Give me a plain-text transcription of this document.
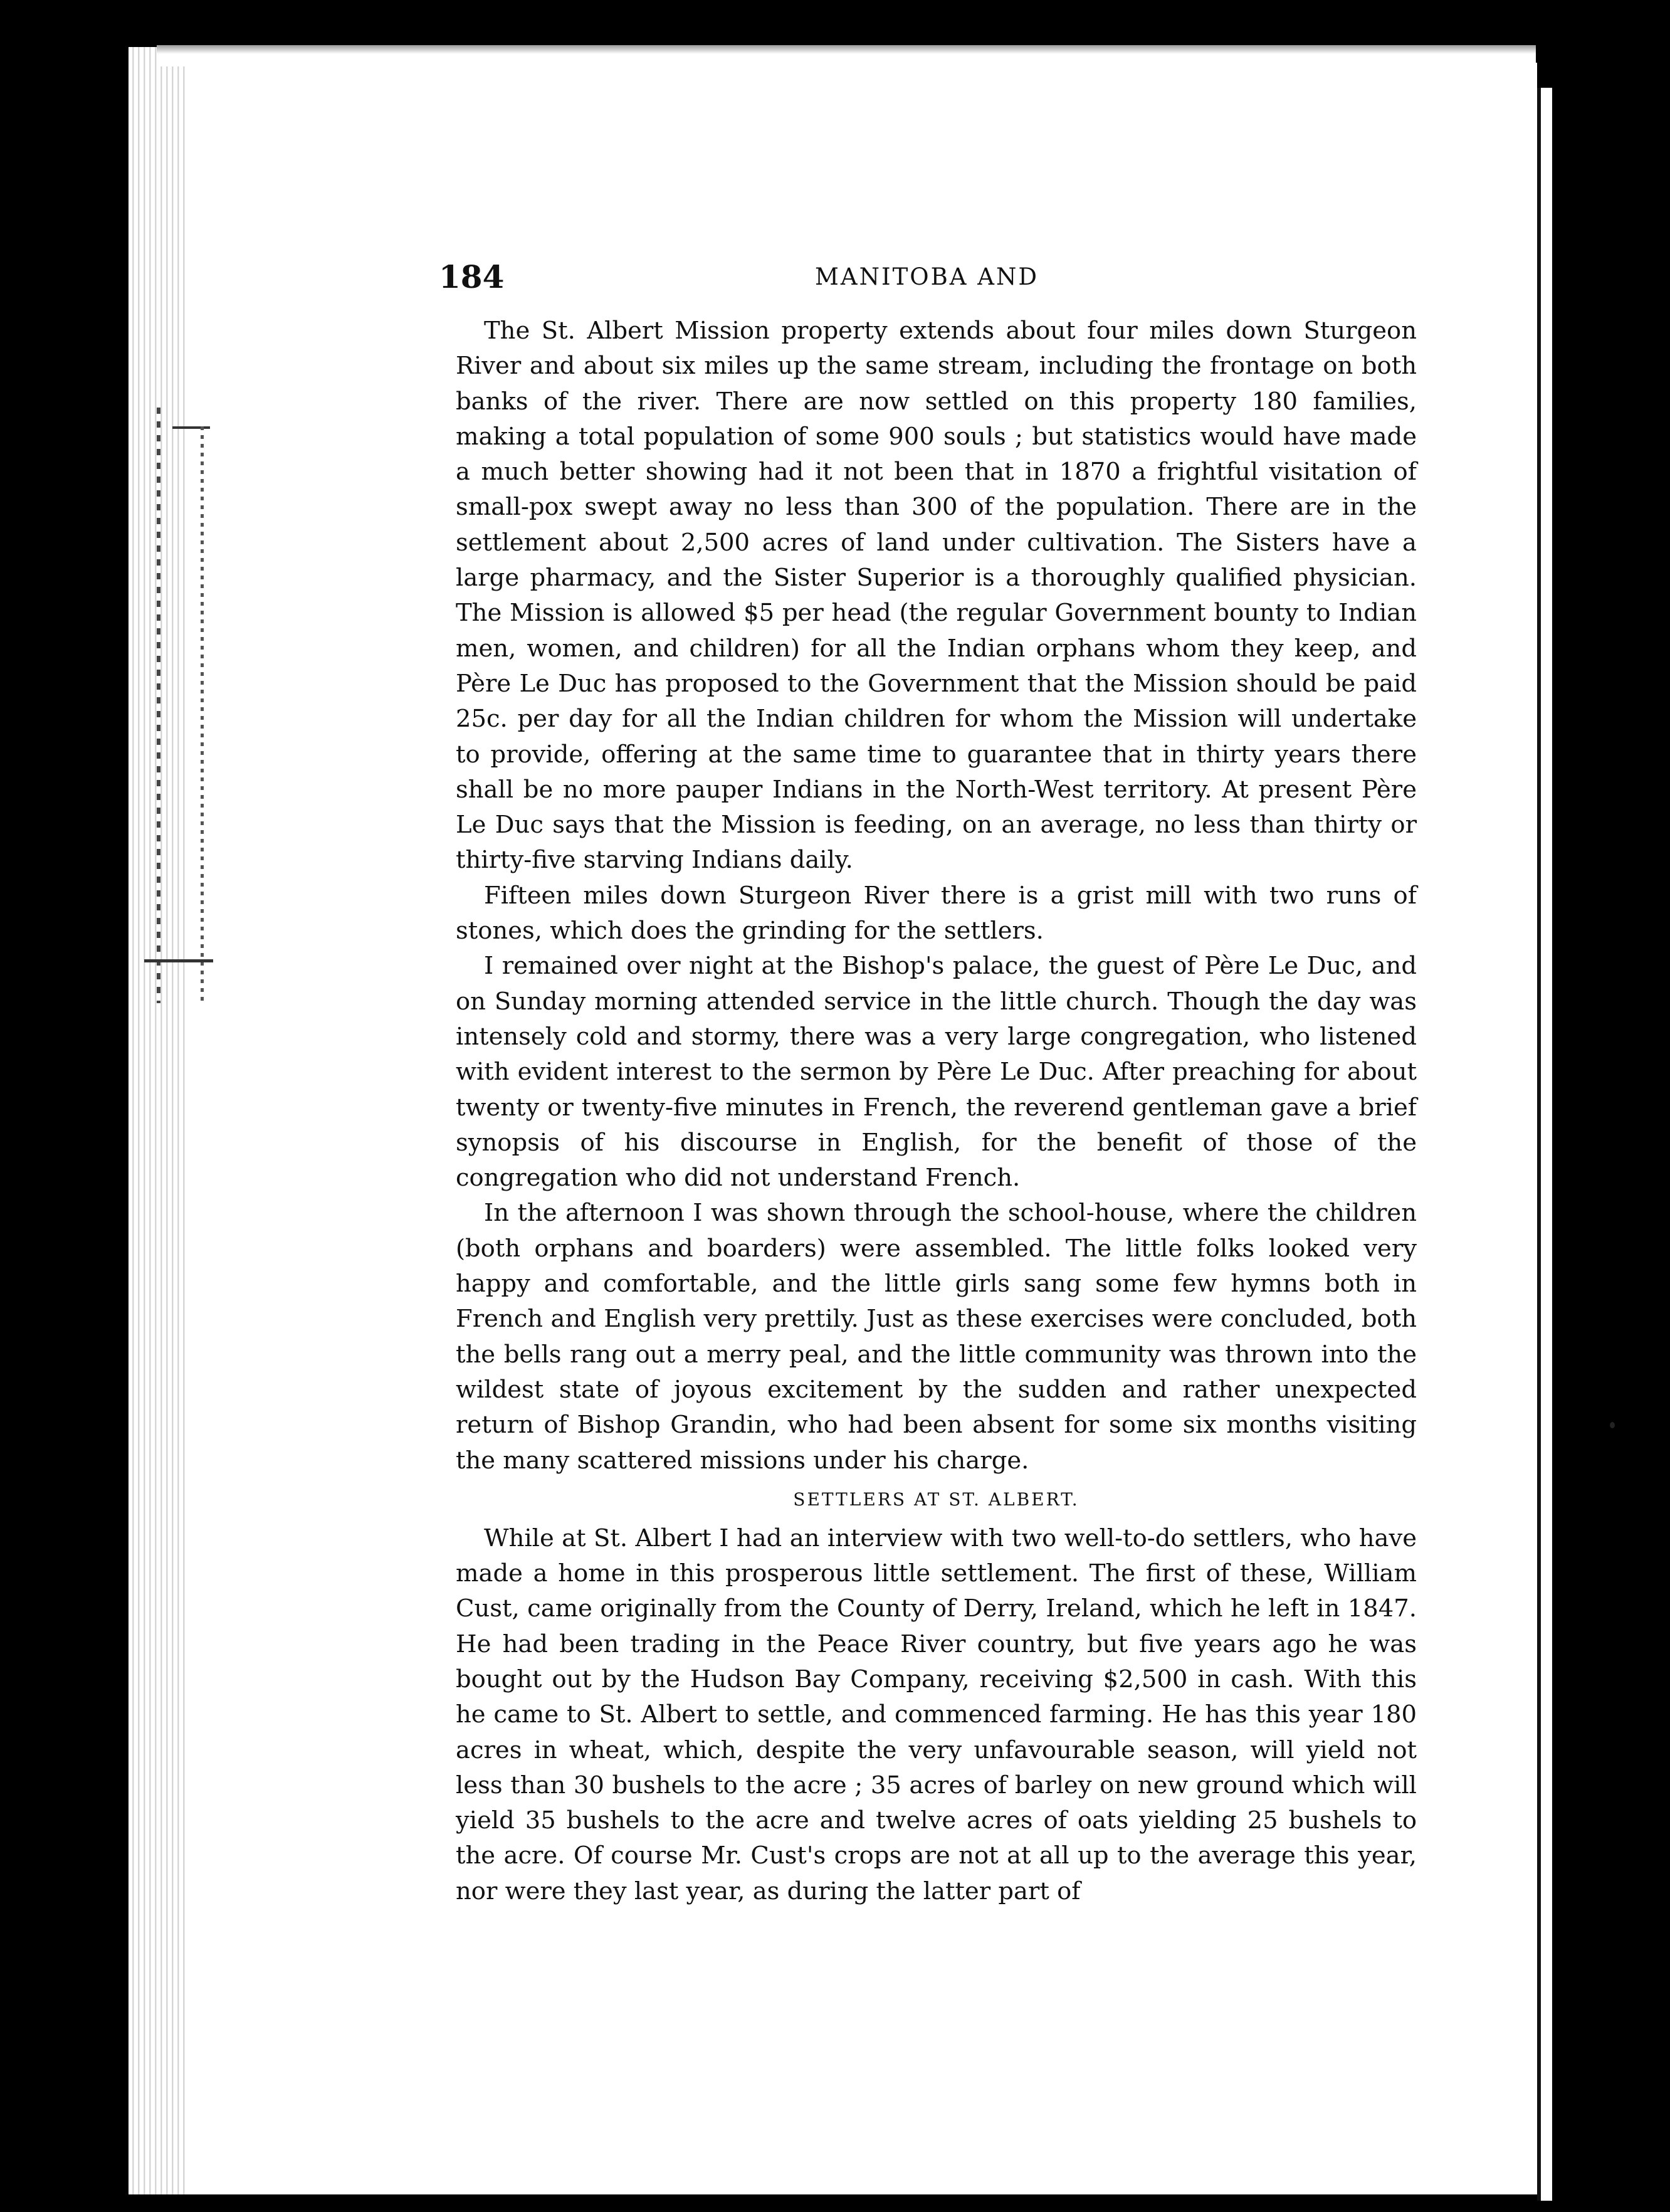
184	MANITOBA AND

The St. Albert Mission property extends about four miles down Sturgeon River and about six miles up the same stream, including the frontage on both banks of the river. There are now settled on this property 180 families, making a total population of some 900 souls ; but statistics would have made a much better showing had it not been that in 1870 a frightful visitation of small-pox swept away no less than 300 of the population. There are in the settlement about 2,500 acres of land under cultivation. The Sisters have a large pharmacy, and the Sister Superior is a thoroughly qualified physician. The Mission is allowed $5 per head (the regular Government bounty to Indian men, women, and children) for all the Indian orphans whom they keep, and Père Le Duc has proposed to the Government that the Mission should be paid 25c. per day for all the Indian children for whom the Mission will undertake to provide, offering at the same time to guarantee that in thirty years there shall be no more pauper Indians in the North-West territory. At present Père Le Duc says that the Mission is feeding, on an average, no less than thirty or thirty-five starving Indians daily.

Fifteen miles down Sturgeon River there is a grist mill with two runs of stones, which does the grinding for the settlers.

I remained over night at the Bishop's palace, the guest of Père Le Duc, and on Sunday morning attended service in the little church. Though the day was intensely cold and stormy, there was a very large congregation, who listened with evident interest to the sermon by Père Le Duc. After preaching for about twenty or twenty-five minutes in French, the reverend gentleman gave a brief synopsis of his discourse in English, for the benefit of those of the congregation who did not understand French.

In the afternoon I was shown through the school-house, where the children (both orphans and boarders) were assembled. The little folks looked very happy and comfortable, and the little girls sang some few hymns both in French and English very prettily. Just as these exercises were concluded, both the bells rang out a merry peal, and the little community was thrown into the wildest state of joyous excitement by the sudden and rather unexpected return of Bishop Grandin, who had been absent for some six months visiting the many scattered missions under his charge.

SETTLERS AT ST. ALBERT.

While at St. Albert I had an interview with two well-to-do settlers, who have made a home in this prosperous little settlement. The first of these, William Cust, came originally from the County of Derry, Ireland, which he left in 1847. He had been trading in the Peace River country, but five years ago he was bought out by the Hudson Bay Company, receiving $2,500 in cash. With this he came to St. Albert to settle, and commenced farming. He has this year 180 acres in wheat, which, despite the very unfavourable season, will yield not less than 30 bushels to the acre ; 35 acres of barley on new ground which will yield 35 bushels to the acre and twelve acres of oats yielding 25 bushels to the acre. Of course Mr. Cust's crops are not at all up to the average this year, nor were they last year, as during the latter part of
